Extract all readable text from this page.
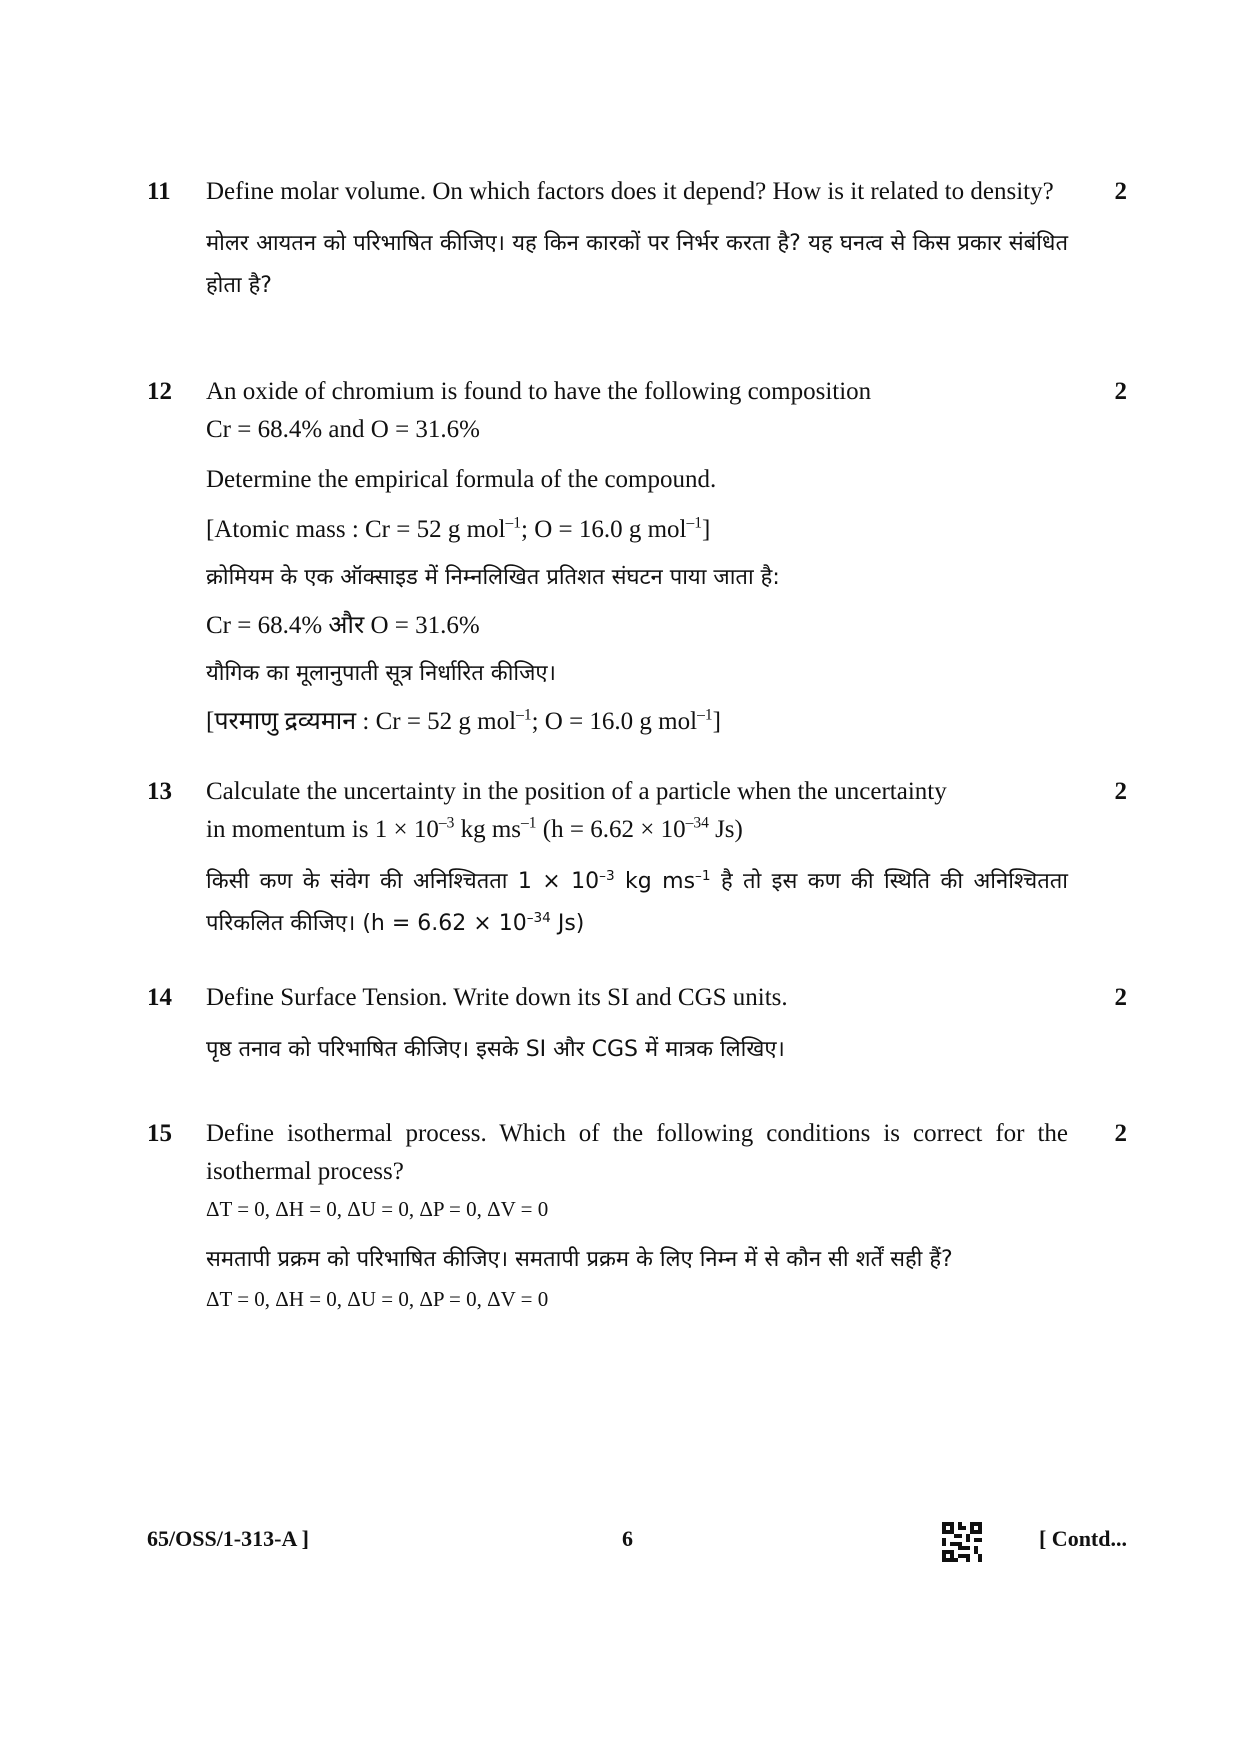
11	2

Define molar volume. On which factors does it depend? How is it related to density?

मोलर आयतन को परिभाषित कीजिए। यह किन कारकों पर निर्भर करता है? यह घनत्व से किस प्रकार संबंधित होता है?

12	2

An oxide of chromium is found to have the following composition

Cr = 68.4% and O = 31.6%

Determine the empirical formula of the compound.

[Atomic mass : Cr = 52 g mol$^{-1}$; O = 16.0 g mol$^{-1}$]

क्रोमियम के एक ऑक्साइड में निम्नलिखित प्रतिशत संघटन पाया जाता है:

Cr = 68.4% और O = 31.6%

यौगिक का मूलानुपाती सूत्र निर्धारित कीजिए।

[परमाणु द्रव्यमान : Cr = 52 g mol$^{-1}$; O = 16.0 g mol$^{-1}$]

13	2

Calculate the uncertainty in the position of a particle when the uncertainty

in momentum is $1 \times 10^{-3}$ kg $ms^{-1}$ ($h = 6.62 \times 10^{-34}$ Js)

किसी कण के संवेग की अनिश्चितता $1 \times 10^{-3}$ kg $ms^{-1}$ है तो इस कण की स्थिति की अनिश्चितता परिकलित कीजिए। ($h = 6.62 \times 10^{-34}$ Js)

14	2

Define Surface Tension. Write down its SI and CGS units.

पृष्ठ तनाव को परिभाषित कीजिए। इसके SI और CGS में मात्रक लिखिए।

15	2

Define isothermal process. Which of the following conditions is correct for the isothermal process?

ΔT = 0, ΔH = 0, ΔU = 0, ΔP = 0, ΔV = 0

समतापी प्रक्रम को परिभाषित कीजिए। समतापी प्रक्रम के लिए निम्न में से कौन सी शर्तें सही हैं?

ΔT = 0, ΔH = 0, ΔU = 0, ΔP = 0, ΔV = 0

65/OSS/1-313-A ]	6	[ Contd...
